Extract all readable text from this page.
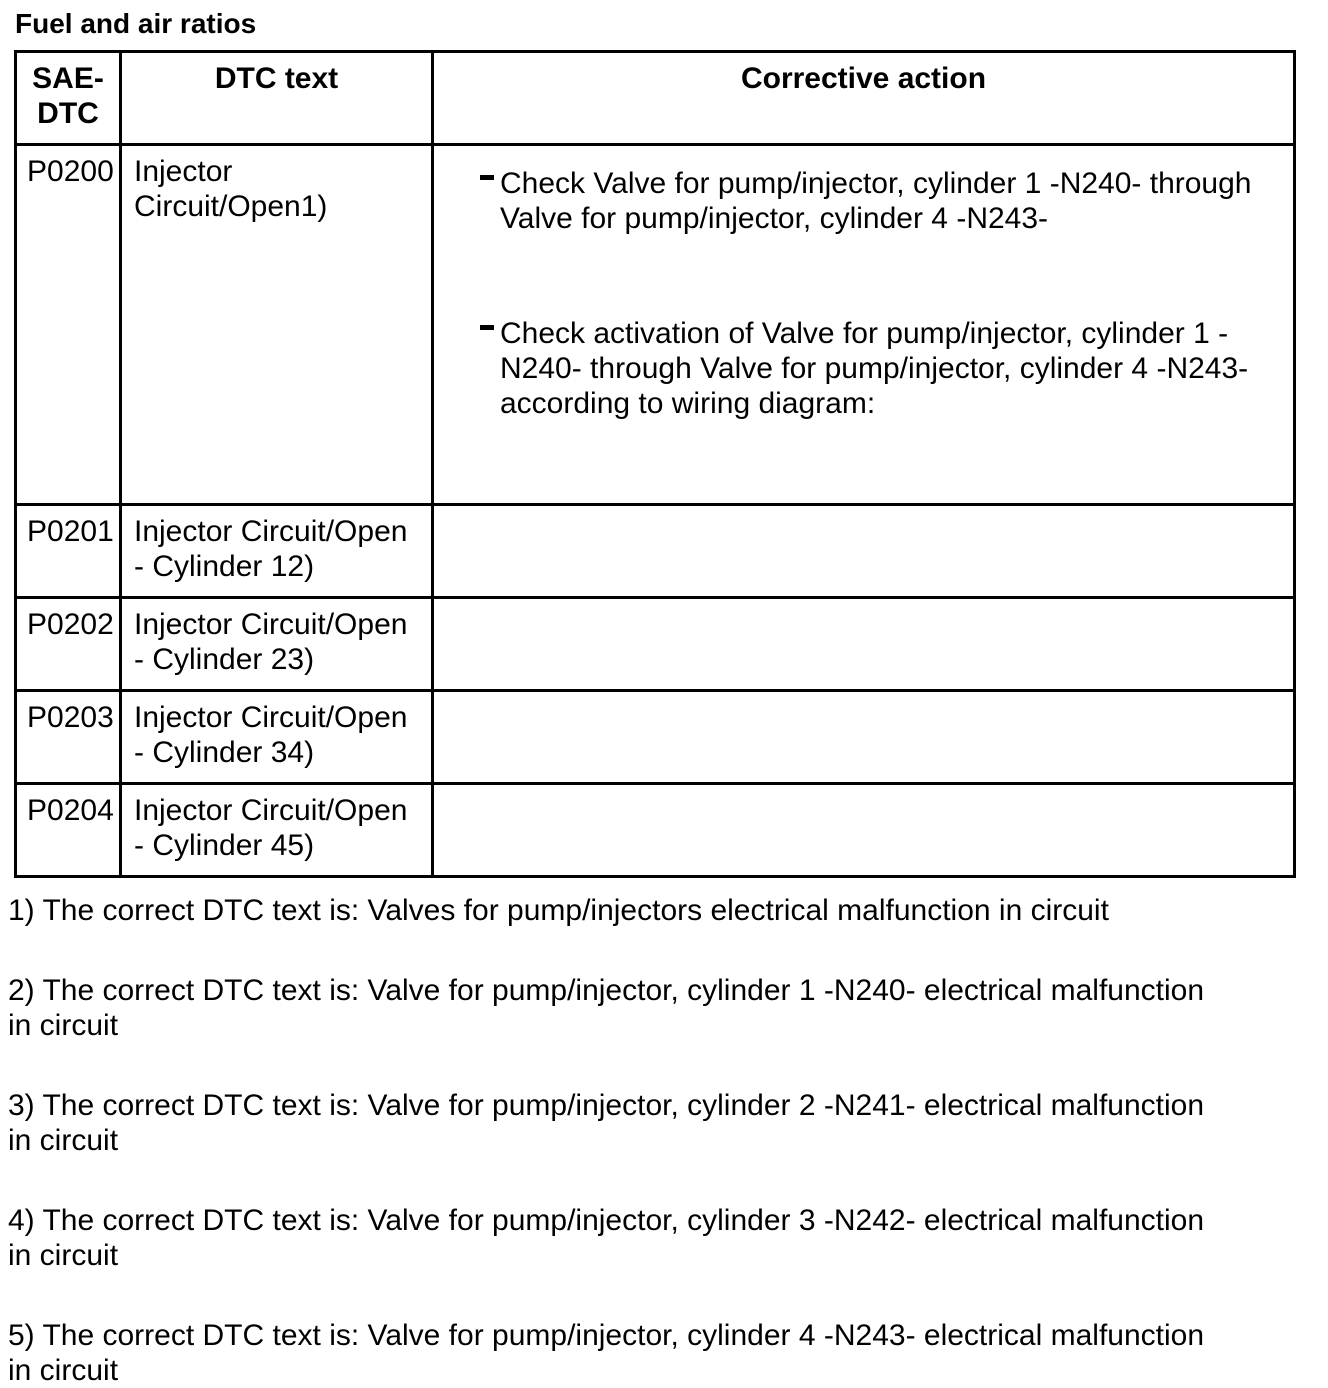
Fuel and air ratios
SAE-DTC	DTC text	Corrective action
P0200	Injector Circuit/Open1)	
Check Valve for pump/injector, cylinder 1 -N240- through Valve for pump/injector, cylinder 4 -N243-
Check activation of Valve for pump/injector, cylinder 1 -N240- through Valve for pump/injector, cylinder 4 -N243- according to wiring diagram:

P0201	Injector Circuit/Open - Cylinder 12)	
P0202	Injector Circuit/Open - Cylinder 23)	
P0203	Injector Circuit/Open - Cylinder 34)	
P0204	Injector Circuit/Open - Cylinder 45)	

1) The correct DTC text is: Valves for pump/injectors electrical malfunction in circuit

2) The correct DTC text is: Valve for pump/injector, cylinder 1 -N240- electrical malfunction in circuit

3) The correct DTC text is: Valve for pump/injector, cylinder 2 -N241- electrical malfunction in circuit

4) The correct DTC text is: Valve for pump/injector, cylinder 3 -N242- electrical malfunction in circuit

5) The correct DTC text is: Valve for pump/injector, cylinder 4 -N243- electrical malfunction in circuit
